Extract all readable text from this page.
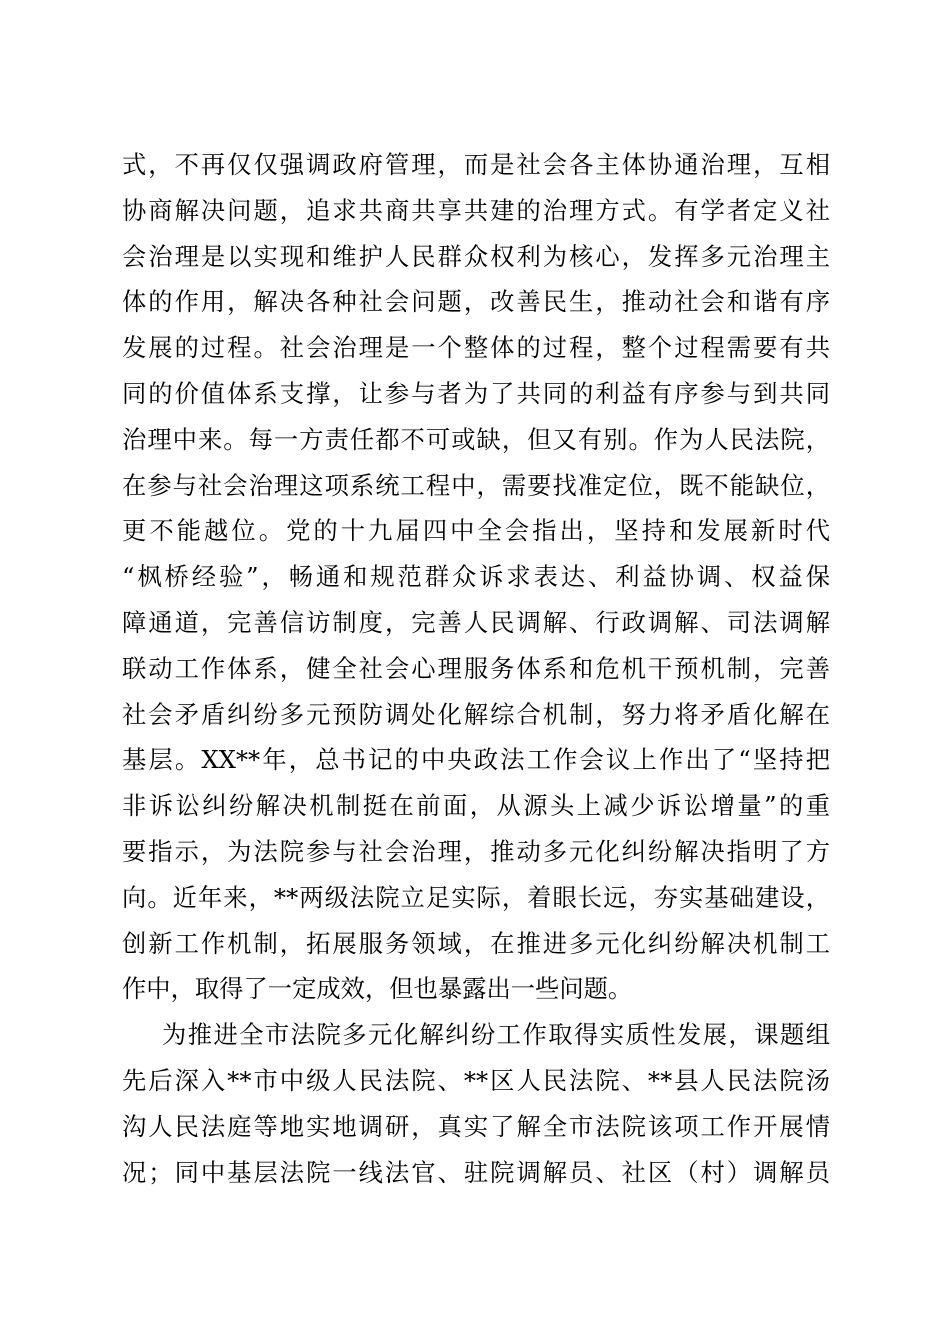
式，不再仅仅强调政府管理，而是社会各主体协通治理，互相
协商解决问题，追求共商共享共建的治理方式。有学者定义社
会治理是以实现和维护人民群众权利为核心，发挥多元治理主
体的作用，解决各种社会问题，改善民生，推动社会和谐有序
发展的过程。社会治理是一个整体的过程，整个过程需要有共
同的价值体系支撑，让参与者为了共同的利益有序参与到共同
治理中来。每一方责任都不可或缺，但又有别。作为人民法院，
在参与社会治理这项系统工程中，需要找准定位，既不能缺位，
更不能越位。党的十九届四中全会指出，坚持和发展新时代
“枫桥经验”，畅通和规范群众诉求表达、利益协调、权益保
障通道，完善信访制度，完善人民调解、行政调解、司法调解
联动工作体系，健全社会心理服务体系和危机干预机制，完善
社会矛盾纠纷多元预防调处化解综合机制，努力将矛盾化解在
基层。XX**年，总书记的中央政法工作会议上作出了“坚持把
非诉讼纠纷解决机制挺在前面，从源头上减少诉讼增量”的重
要指示，为法院参与社会治理，推动多元化纠纷解决指明了方
向。近年来，**两级法院立足实际，着眼长远，夯实基础建设，
创新工作机制，拓展服务领域，在推进多元化纠纷解决机制工
作中，取得了一定成效，但也暴露出一些问题。
为推进全市法院多元化解纠纷工作取得实质性发展，课题组
先后深入**市中级人民法院、**区人民法院、**县人民法院汤
沟人民法庭等地实地调研，真实了解全市法院该项工作开展情
况；同中基层法院一线法官、驻院调解员、社区（村）调解员
